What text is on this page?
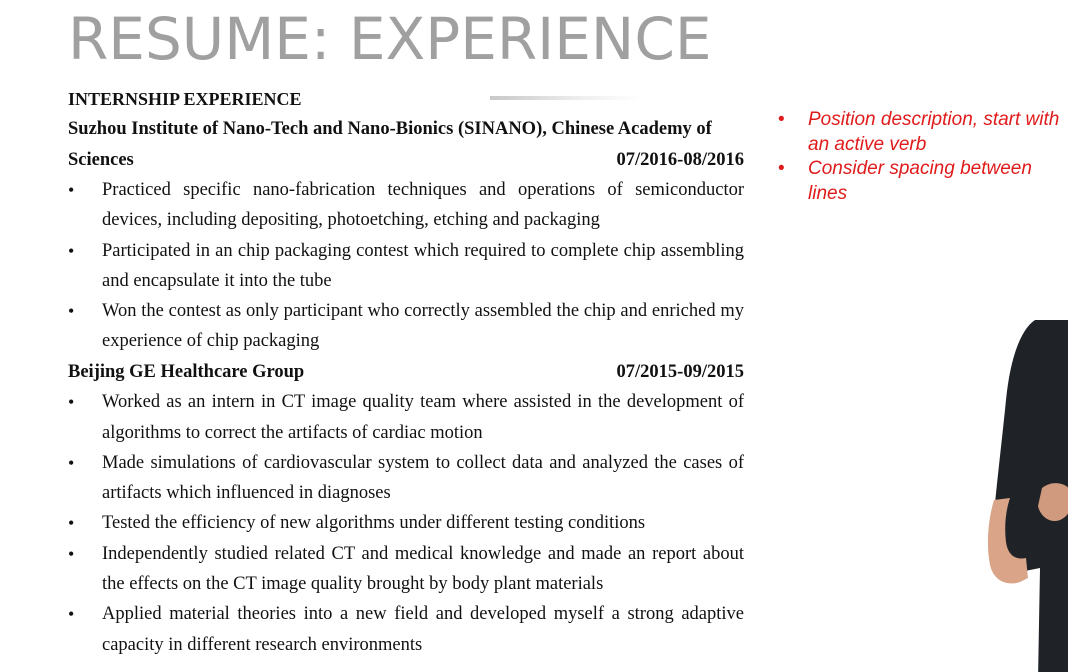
RESUME: EXPERIENCE
INTERNSHIP EXPERIENCE
Suzhou Institute of Nano-Tech and Nano-Bionics (SINANO), Chinese Academy of
Sciences	07/2016-08/2016
• Practiced specific nano-fabrication techniques and operations of semiconductor devices, including depositing, photoetching, etching and packaging
• Participated in an chip packaging contest which required to complete chip assembling and encapsulate it into the tube
• Won the contest as only participant who correctly assembled the chip and enriched my experience of chip packaging
Beijing GE Healthcare Group	07/2015-09/2015
• Worked as an intern in CT image quality team where assisted in the development of algorithms to correct the artifacts of cardiac motion
• Made simulations of cardiovascular system to collect data and analyzed the cases of artifacts which influenced in diagnoses
• Tested the efficiency of new algorithms under different testing conditions
• Independently studied related CT and medical knowledge and made an report about the effects on the CT image quality brought by body plant materials
• Applied material theories into a new field and developed myself a strong adaptive capacity in different research environments
• Position description, start with an active verb
• Consider spacing between lines
